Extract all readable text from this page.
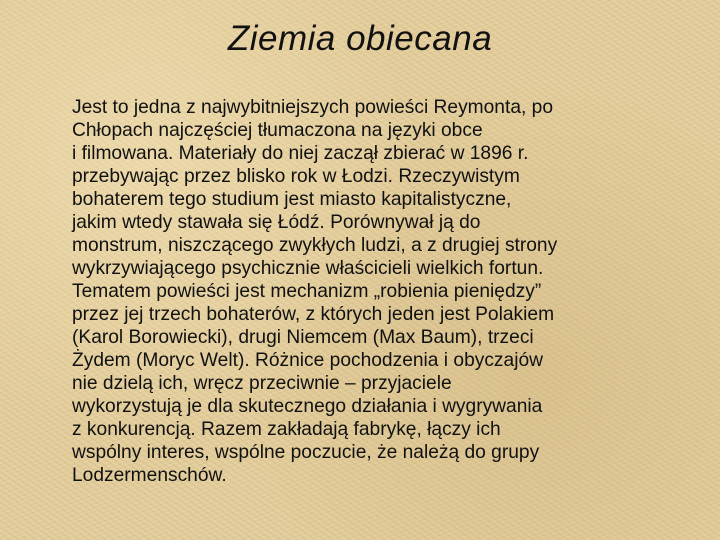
Ziemia obiecana
Jest to jedna z najwybitniejszych powieści Reymonta, po
Chłopach najczęściej tłumaczona na języki obce
i filmowana. Materiały do niej zaczął zbierać w 1896 r.
przebywając przez blisko rok w Łodzi. Rzeczywistym
bohaterem tego studium jest miasto kapitalistyczne,
jakim wtedy stawała się Łódź. Porównywał ją do
monstrum, niszczącego zwykłych ludzi, a z drugiej strony
wykrzywiającego psychicznie właścicieli wielkich fortun.
Tematem powieści jest mechanizm „robienia pieniędzy”
przez jej trzech bohaterów, z których jeden jest Polakiem
(Karol Borowiecki), drugi Niemcem (Max Baum), trzeci
Żydem (Moryc Welt). Różnice pochodzenia i obyczajów
nie dzielą ich, wręcz przeciwnie – przyjaciele
wykorzystują je dla skutecznego działania i wygrywania
z konkurencją. Razem zakładają fabrykę, łączy ich
wspólny interes, wspólne poczucie, że należą do grupy
Lodzermenschów.
